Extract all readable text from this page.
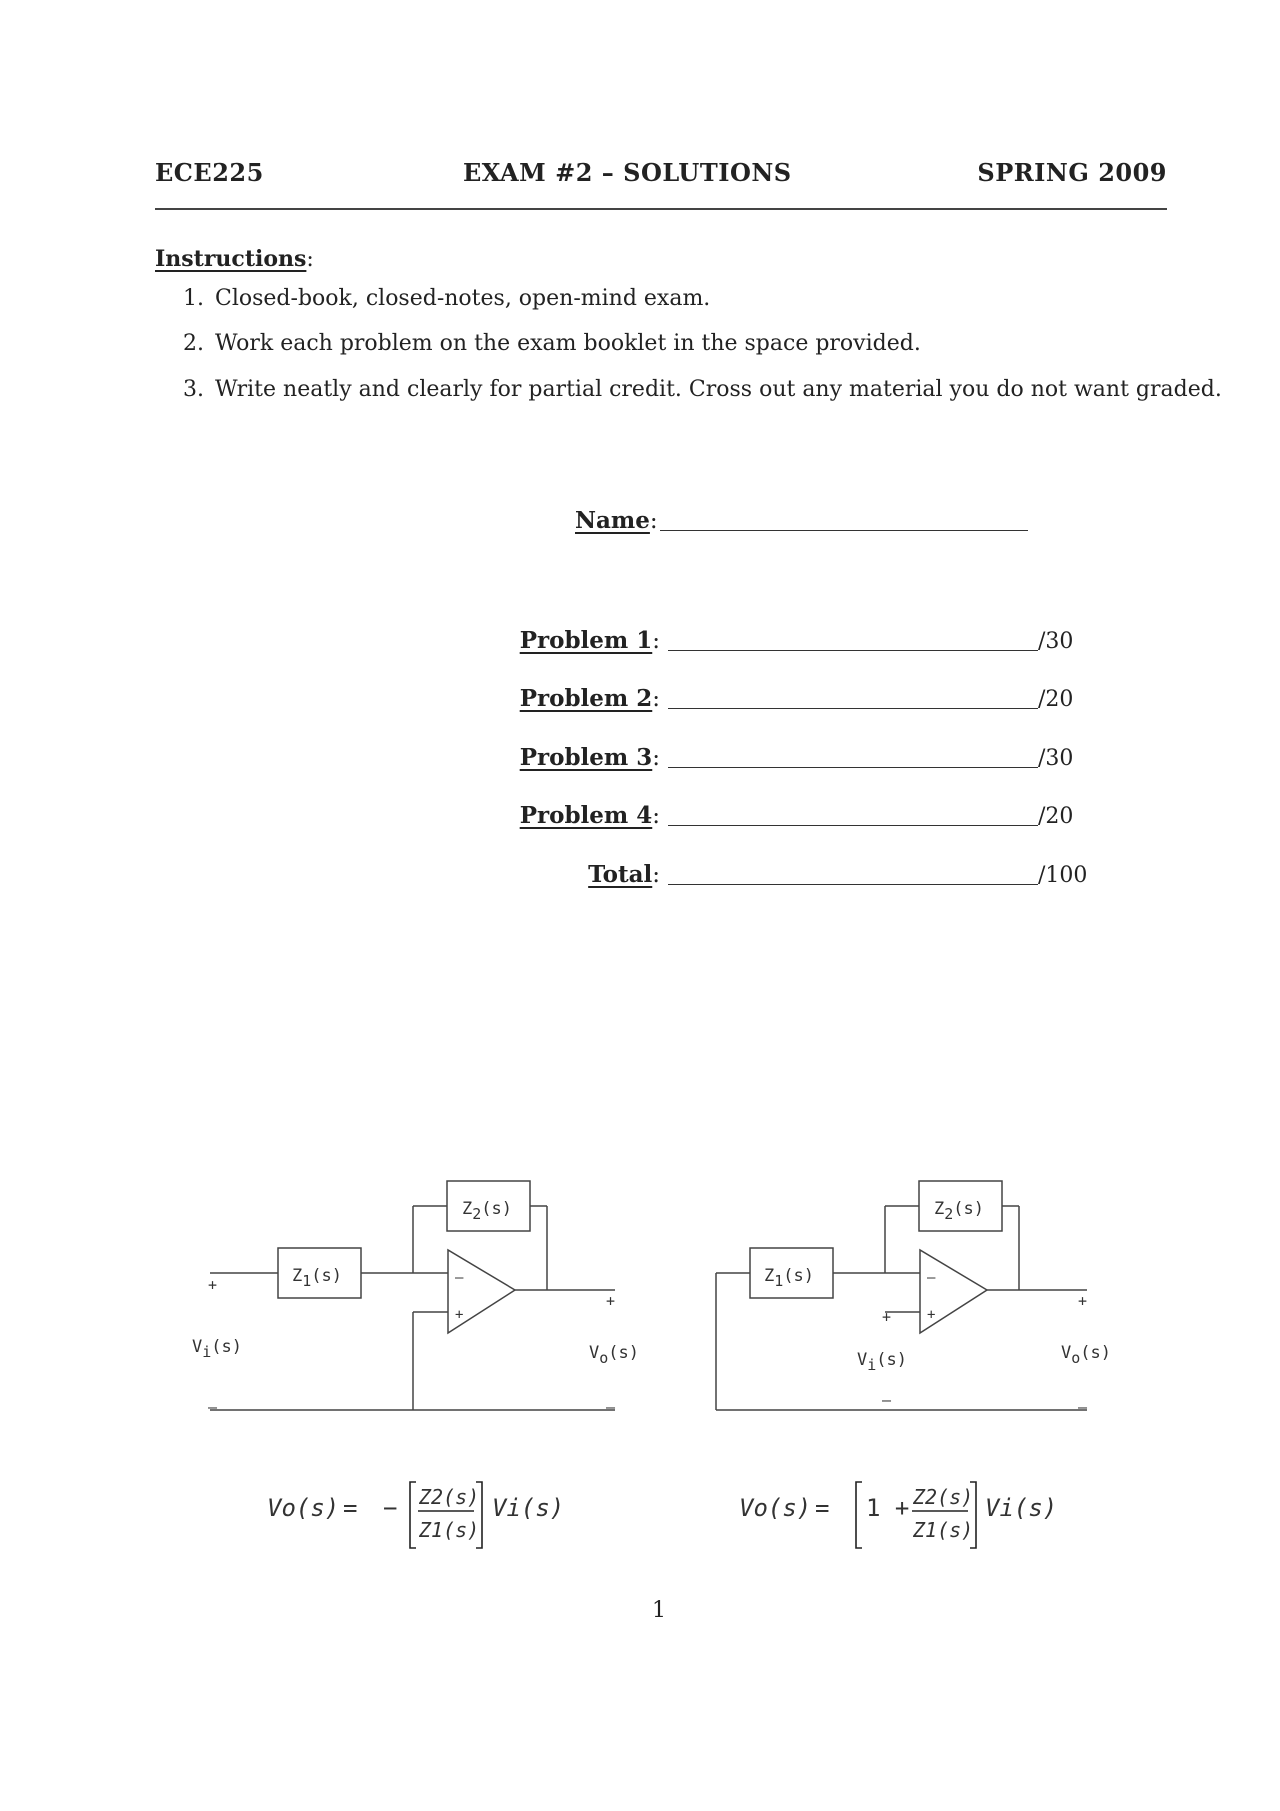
ECE225	EXAM #2 – SOLUTIONS	SPRING 2009
Instructions:
1. Closed-book, closed-notes, open-mind exam.
2. Work each problem on the exam booklet in the space provided.
3. Write neatly and clearly for partial credit. Cross out any material you do not want graded.
Name:
Problem 1:	/30
Problem 2:	/20
Problem 3:	/30
Problem 4:	/20
Total:	/100
Z1(s)
Z2(s)
–
+
+
–
Vi(s)
+
–
Vo(s)
Z1(s)
Z2(s)
–
+
+
–
Vi(s)
+
–
Vo(s)
Vo(s) = − Z2(s)
Z1(s)
Vi(s)	Vo(s) = 1 + Z2(s)
Z1(s)
Vi(s)
1
